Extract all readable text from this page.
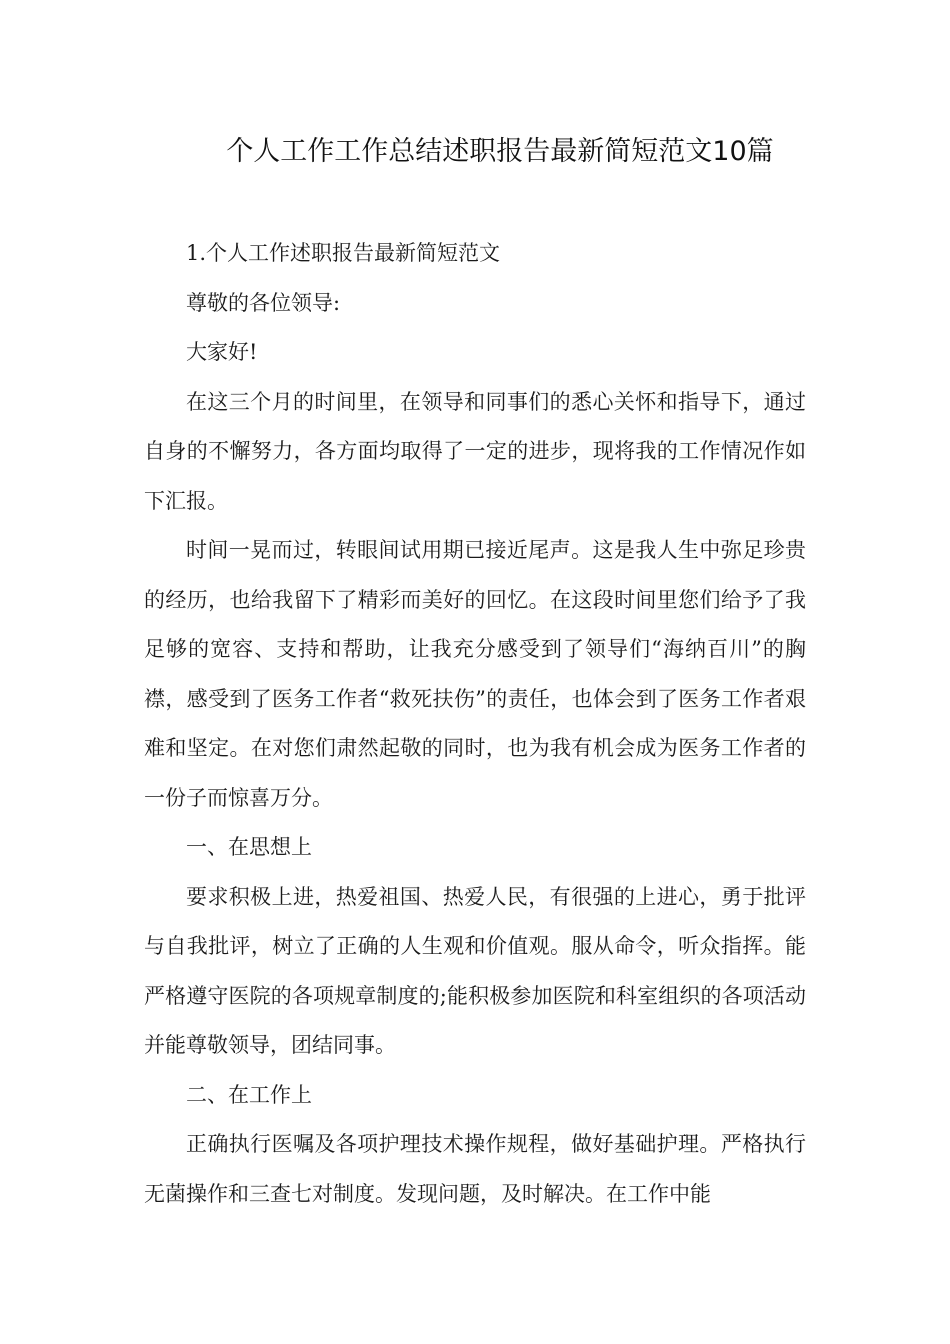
个人工作工作总结述职报告最新简短范文10篇

1.个人工作述职报告最新简短范文

尊敬的各位领导:

大家好!

在这三个月的时间里，在领导和同事们的悉心关怀和指导下，通过自身的不懈努力，各方面均取得了一定的进步，现将我的工作情况作如下汇报。

时间一晃而过，转眼间试用期已接近尾声。这是我人生中弥足珍贵的经历，也给我留下了精彩而美好的回忆。在这段时间里您们给予了我足够的宽容、支持和帮助，让我充分感受到了领导们“海纳百川”的胸襟，感受到了医务工作者“救死扶伤”的责任，也体会到了医务工作者艰难和坚定。在对您们肃然起敬的同时，也为我有机会成为医务工作者的一份子而惊喜万分。

一、在思想上

要求积极上进，热爱祖国、热爱人民，有很强的上进心，勇于批评与自我批评，树立了正确的人生观和价值观。服从命令，听众指挥。能严格遵守医院的各项规章制度的;能积极参加医院和科室组织的各项活动并能尊敬领导，团结同事。

二、在工作上

正确执行医嘱及各项护理技术操作规程，做好基础护理。严格执行无菌操作和三查七对制度。发现问题，及时解决。在工作中能
